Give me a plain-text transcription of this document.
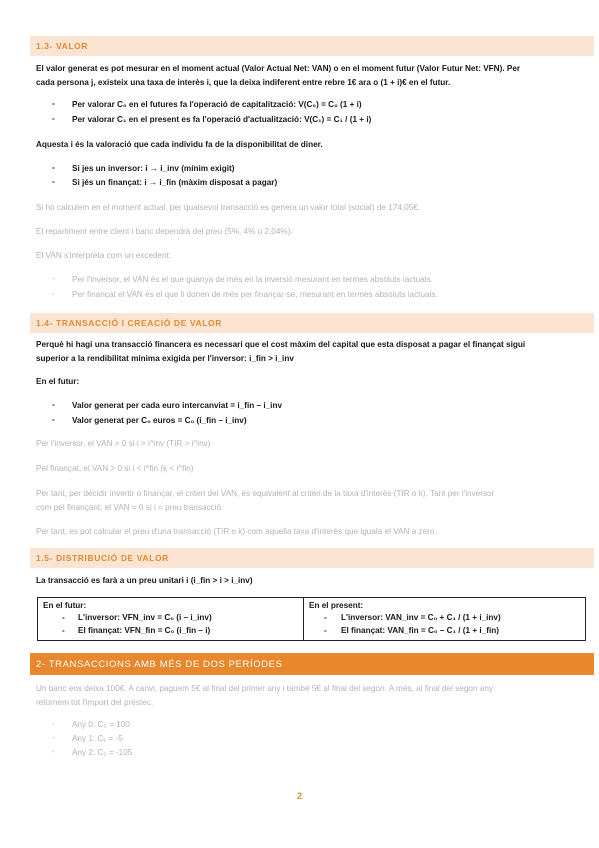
1.3- VALOR
El valor generat es pot mesurar en el moment actual (Valor Actual Net: VAN) o en el moment futur (Valor Futur Net: VFN). Per
cada persona j, existeix una taxa de interès i, que la deixa indiferent entre rebre 1€ ara o (1 + i)€ en el futur.
- Per valorar C₀ en el futures fa l'operació de capitalització: V(C₀) = C₀ (1 + i)
- Per valorar C₁ en el present es fa l'operació d'actualització: V(C₁) = C₁ / (1 + i)
Aquesta i és la valoració que cada individu fa de la disponibilitat de diner.
- Si jes un inversor: i → i_inv (mínim exigit)
- Si jés un finançat: i → i_fin (màxim disposat a pagar)
Si ho calculem en el moment actual, per qualsevol transacció es genera un valor total (social) de 174,05€.
El repartiment entre client i banc dependrà del preu (5%, 4% o 2,04%).
El VAN s'interpreta com un excedent:
- Per l'inversor, el VAN és el que guanya de més en la inversió mesurant en termes absoluts iactuals.
- Per finançat el VAN és el que li donen de més per finançar-se, mesurant en termes absoluts iactuals.
1.4- TRANSACCIÓ I CREACIÓ DE VALOR
Perquè hi hagi una transacció financera es necessari que el cost màxim del capital que esta disposat a pagar el finançat sigui
superior a la rendibilitat mínima exigida per l'inversor: i_fin > i_inv
En el futur:
- Valor generat per cada euro intercanviat = i_fin – i_inv
- Valor generat per C₀ euros = C₀ (i_fin – i_inv)
Per l'inversor, el VAN > 0 si i > i^inv (TIR > i^inv)
Pel finançat, el VAN > 0 si i < i^fin (k < i^fin)
Per tant, per decidir invertir o finançar, el criteri del VAN, és equivalent al criteri de la taxa d'interès (TIR o k). Tant per l'inversor
com pel finançant, el VAN = 0 si i = preu transacció.
Per tant, es pot calcular el preu d'una transacció (TIR o k) com aquella taxa d'interès que iguala el VAN a zero.
1.5- DISTRIBUCIÓ DE VALOR
La transacció es farà a un preu unitari i (i_fin > i > i_inv)
En el futur:
- L'inversor: VFN_inv = C₀ (i – i_inv)
- El finançat: VFN_fin = C₀ (i_fin – i)
En el present:
- L'inversor: VAN_inv = C₀ + C₁ / (1 + i_inv)
- El finançat: VAN_fin = C₀ – C₁ / (1 + i_fin)
2- TRANSACCIONS AMB MÉS DE DOS PERÍODES
Un banc ens deixa 100€. A canvi, paguem 5€ al final del primer any i també 5€ al final del segon. A més, al final del segon any
retornem tot l'import del préstec.
- Any 0: C₀ = 100
- Any 1: C₁ = -5
- Any 2: C₂ = -105
2
